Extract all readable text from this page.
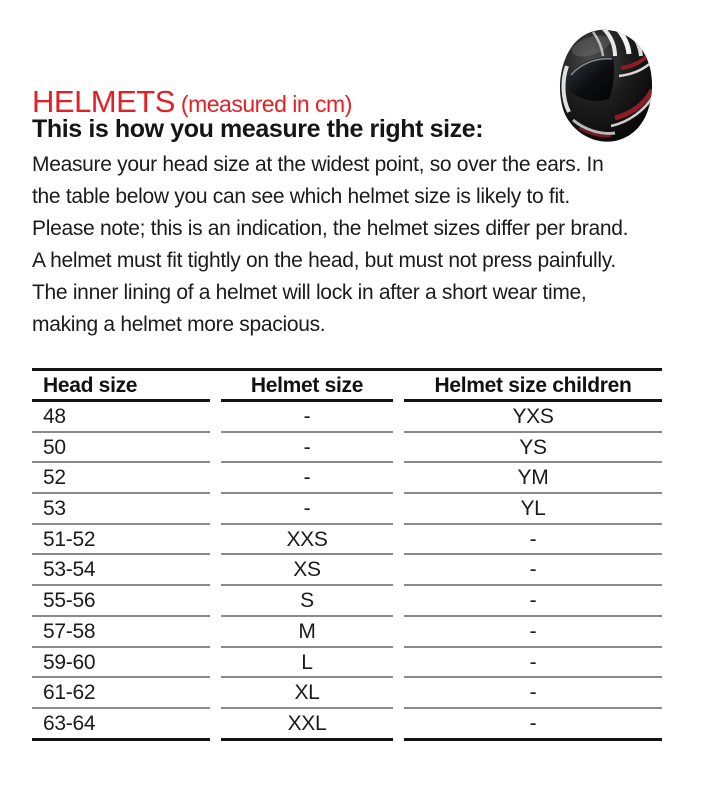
HELMETS (measured in cm)
This is how you measure the right size:
Measure your head size at the widest point, so over the ears. In
the table below you can see which helmet size is likely to fit.
Please note; this is an indication, the helmet sizes differ per brand.
A helmet must fit tightly on the head, but must not press painfully.
The inner lining of a helmet will lock in after a short wear time,
making a helmet more spacious.
Head size	Helmet size	Helmet size children
48	-	YXS
50	-	YS
52	-	YM
53	-	YL
51-52	XXS	-
53-54	XS	-
55-56	S	-
57-58	M	-
59-60	L	-
61-62	XL	-
63-64	XXL	-
